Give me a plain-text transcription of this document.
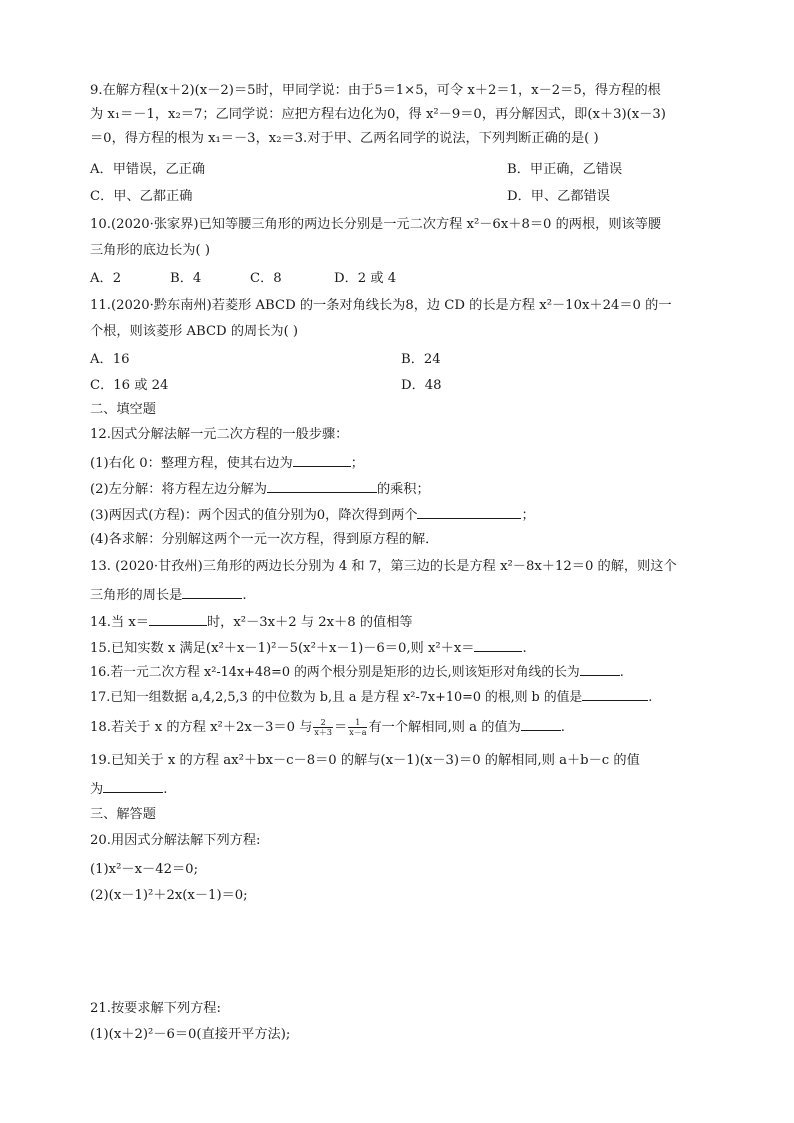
9.在解方程(x＋2)(x－2)＝5时，甲同学说：由于5＝1×5，可令 x＋2＝1，x－2＝5，得方程的根
为 x₁＝－1，x₂＝7；乙同学说：应把方程右边化为0，得 x²－9＝0，再分解因式，即(x＋3)(x－3)
＝0，得方程的根为 x₁＝－3，x₂＝3.对于甲、乙两名同学的说法，下列判断正确的是( )
A．甲错误，乙正确	B．甲正确，乙错误
C．甲、乙都正确	D．甲、乙都错误
10.(2020·张家界)已知等腰三角形的两边长分别是一元二次方程 x²－6x＋8＝0 的两根，则该等腰
三角形的底边长为( )
A．2	B．4	C．8	D．2 或 4
11.(2020·黔东南州)若菱形 ABCD 的一条对角线长为8，边 CD 的长是方程 x²－10x＋24＝0 的一
个根，则该菱形 ABCD 的周长为( )
A．16	B．24
C．16 或 24	D．48
二、填空题
12.因式分解法解一元二次方程的一般步骤：
(1)右化 0：整理方程，使其右边为	；
(2)左分解：将方程左边分解为	的乘积；
(3)两因式(方程)：两个因式的值分别为0，降次得到两个	；
(4)各求解：分别解这两个一元一次方程，得到原方程的解．
13. (2020·甘孜州)三角形的两边长分别为 4 和 7，第三边的长是方程 x²－8x＋12＝0 的解，则这个
三角形的周长是	.
14.当 x＝	时，x²－3x＋2 与 2x＋8 的值相等
15.已知实数 x 满足(x²＋x－1)²－5(x²＋x－1)－6＝0,则 x²＋x＝	.
16.若一元二次方程 x²-14x+48=0 的两个根分别是矩形的边长,则该矩形对角线的长为	.
17.已知一组数据 a,4,2,5,3 的中位数为 b,且 a 是方程 x²-7x+10=0 的根,则 b 的值是	.
18.若关于 x 的方程 x²＋2x－3＝0 与 $\frac{2}{x+3} = \frac{1}{x-a}$ 有一个解相同,则 a 的值为	.
19.已知关于 x 的方程 ax²＋bx－c－8＝0 的解与(x－1)(x－3)＝0 的解相同,则 a＋b－c 的值
为	.
三、解答题
20.用因式分解法解下列方程:
(1)x²－x－42＝0;
(2)(x－1)²＋2x(x－1)＝0;
21.按要求解下列方程:
(1)(x＋2)²－6＝0(直接开平方法);
